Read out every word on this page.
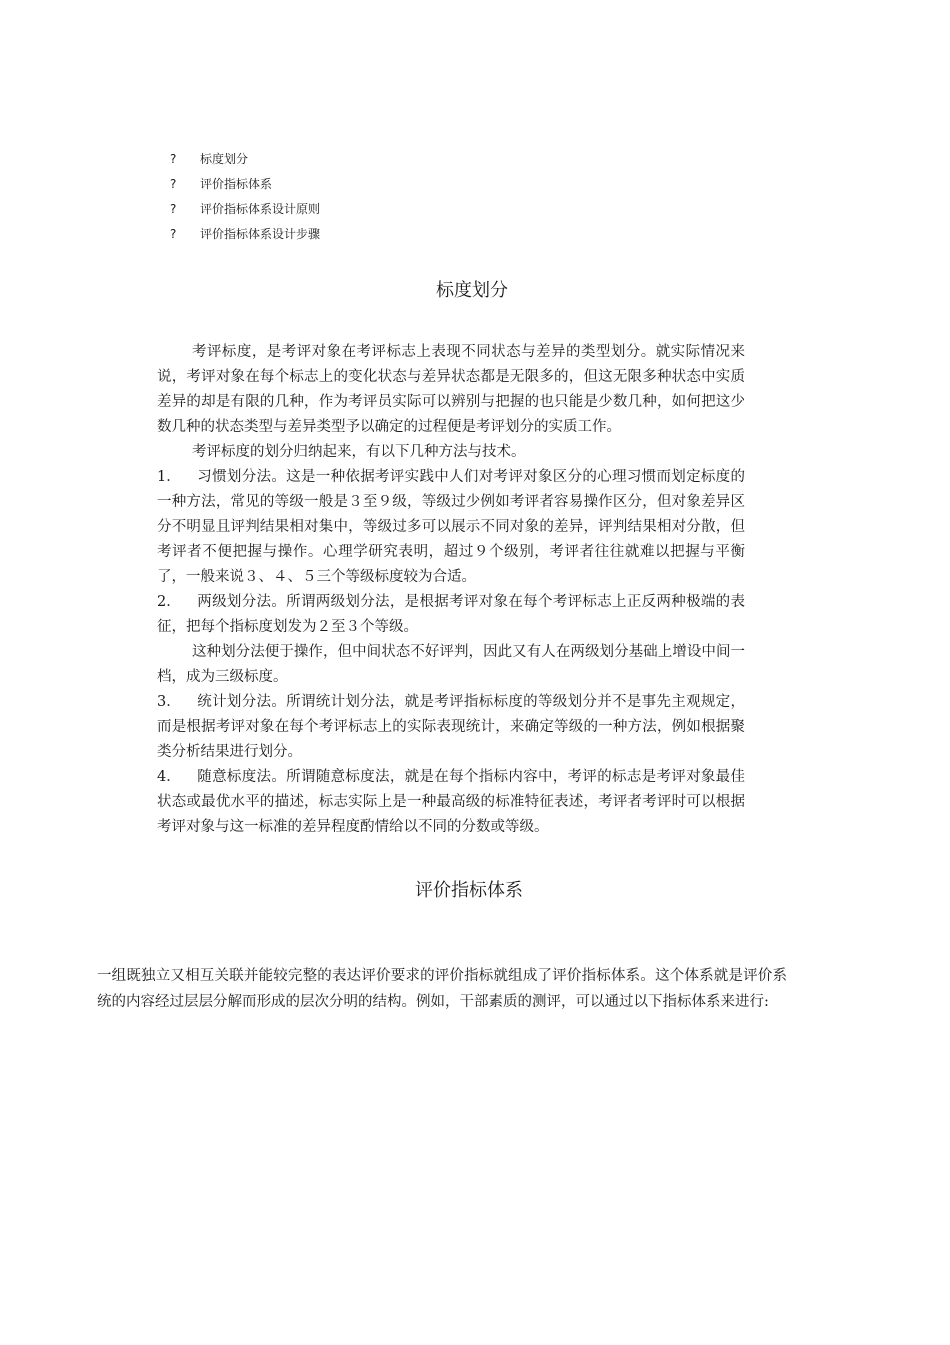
?	标度划分
?	评价指标体系
?	评价指标体系设计原则
?	评价指标体系设计步骤
标度划分

考评标度，是考评对象在考评标志上表现不同状态与差异的类型划分。就实际情况来说，考评对象在每个标志上的变化状态与差异状态都是无限多的，但这无限多种状态中实质差异的却是有限的几种，作为考评员实际可以辨别与把握的也只能是少数几种，如何把这少数几种的状态类型与差异类型予以确定的过程便是考评划分的实质工作。

考评标度的划分归纳起来，有以下几种方法与技术。

1． 习惯划分法。这是一种依据考评实践中人们对考评对象区分的心理习惯而划定标度的一种方法，常见的等级一般是３至９级，等级过少例如考评者容易操作区分，但对象差异区分不明显且评判结果相对集中，等级过多可以展示不同对象的差异，评判结果相对分散，但考评者不便把握与操作。心理学研究表明，超过９个级别，考评者往往就难以把握与平衡了，一般来说３、４、５三个等级标度较为合适。

2． 两级划分法。所谓两级划分法，是根据考评对象在每个考评标志上正反两种极端的表征，把每个指标度划发为２至３个等级。

这种划分法便于操作，但中间状态不好评判，因此又有人在两级划分基础上增设中间一档，成为三级标度。

3． 统计划分法。所谓统计划分法，就是考评指标标度的等级划分并不是事先主观规定，而是根据考评对象在每个考评标志上的实际表现统计，来确定等级的一种方法，例如根据聚类分析结果进行划分。

4． 随意标度法。所谓随意标度法，就是在每个指标内容中，考评的标志是考评对象最佳状态或最优水平的描述，标志实际上是一种最高级的标准特征表述，考评者考评时可以根据考评对象与这一标准的差异程度酌情给以不同的分数或等级。

评价指标体系

一组既独立又相互关联并能较完整的表达评价要求的评价指标就组成了评价指标体系。这个体系就是评价系统的内容经过层层分解而形成的层次分明的结构。例如，干部素质的测评，可以通过以下指标体系来进行:
